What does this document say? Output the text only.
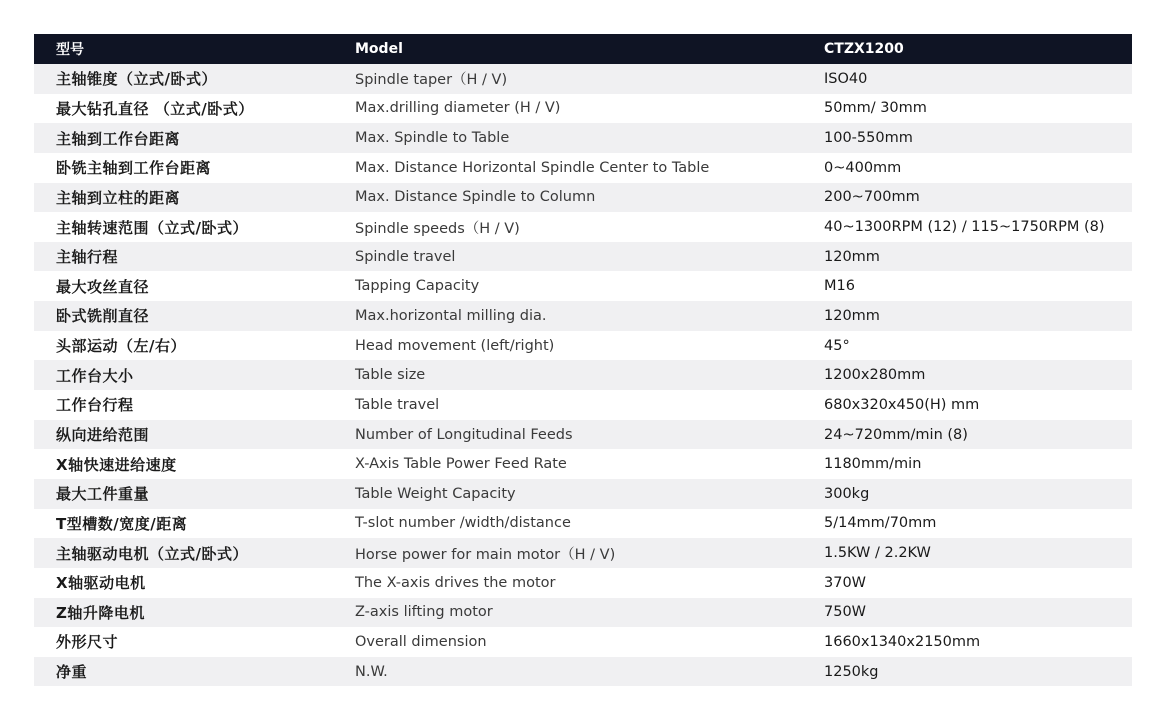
型号	Model	CTZX1200
主轴锥度（立式/卧式）	Spindle taper（H / V)	ISO40
最大钻孔直径 （立式/卧式）	Max.drilling diameter (H / V)	50mm/ 30mm
主轴到工作台距离	Max. Spindle to Table	100-550mm
卧铣主轴到工作台距离	Max. Distance Horizontal Spindle Center to Table	0~400mm
主轴到立柱的距离	Max. Distance Spindle to Column	200~700mm
主轴转速范围（立式/卧式）	Spindle speeds（H / V)	40~1300RPM (12) / 115~1750RPM (8)
主轴行程	Spindle travel	120mm
最大攻丝直径	Tapping Capacity	M16
卧式铣削直径	Max.horizontal milling dia.	120mm
头部运动（左/右）	Head movement (left/right)	45°
工作台大小	Table size	1200x280mm
工作台行程	Table travel	680x320x450(H) mm
纵向进给范围	Number of Longitudinal Feeds	24~720mm/min (8)
X轴快速进给速度	X-Axis Table Power Feed Rate	1180mm/min
最大工件重量	Table Weight Capacity	300kg
T型槽数/宽度/距离	T-slot number /width/distance	5/14mm/70mm
主轴驱动电机（立式/卧式）	Horse power for main motor（H / V)	1.5KW / 2.2KW
X轴驱动电机	The X-axis drives the motor	370W
Z轴升降电机	Z-axis lifting motor	750W
外形尺寸	Overall dimension	1660x1340x2150mm
净重	N.W.	1250kg
